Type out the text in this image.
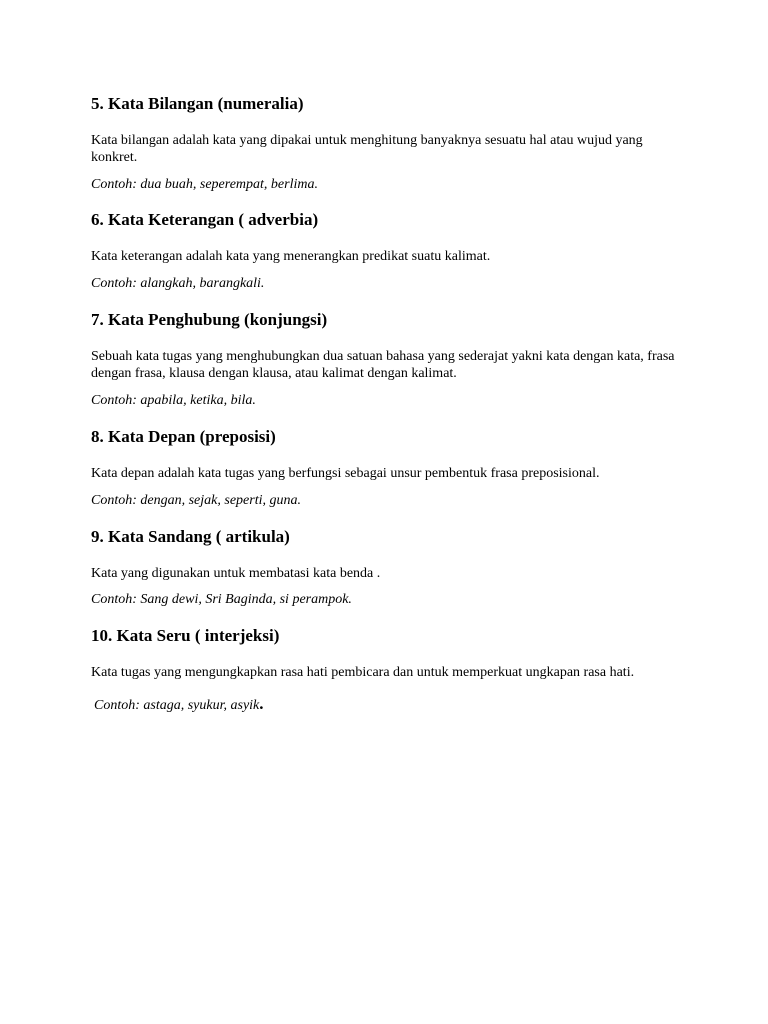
5. Kata Bilangan (numeralia)

Kata bilangan adalah kata yang dipakai untuk menghitung banyaknya sesuatu hal atau wujud yang konkret.

Contoh: dua buah, seperempat, berlima.

6. Kata Keterangan ( adverbia)

Kata keterangan adalah kata yang menerangkan predikat suatu kalimat.

Contoh: alangkah, barangkali.

7. Kata Penghubung (konjungsi)

Sebuah kata tugas yang menghubungkan dua satuan bahasa yang sederajat yakni kata dengan kata, frasa dengan frasa, klausa dengan klausa, atau kalimat dengan kalimat.

Contoh: apabila, ketika, bila.

8. Kata Depan (preposisi)

Kata depan adalah kata tugas yang berfungsi sebagai unsur pembentuk frasa preposisional.

Contoh: dengan, sejak, seperti, guna.

9. Kata Sandang ( artikula)

Kata yang digunakan untuk membatasi kata benda .

Contoh: Sang dewi, Sri Baginda, si perampok.

10. Kata Seru ( interjeksi)

Kata tugas yang mengungkapkan rasa hati pembicara dan untuk memperkuat ungkapan rasa hati.

Contoh: astaga, syukur, asyik.
